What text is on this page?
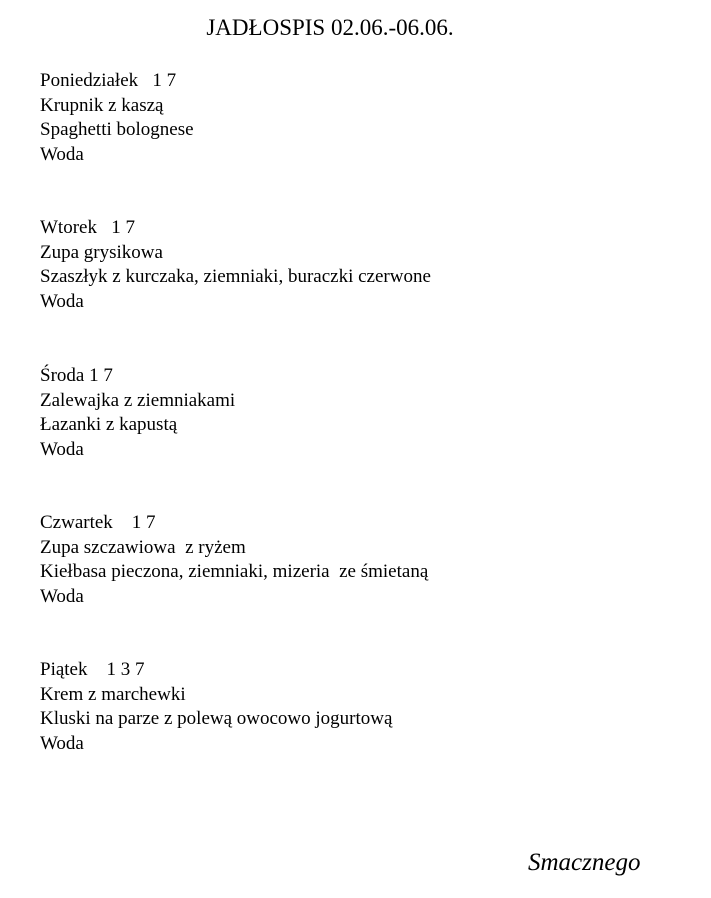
JADŁOSPIS 02.06.-06.06.
Poniedziałek   1 7
Krupnik z kaszą
Spaghetti bolognese
Woda
Wtorek   1 7
Zupa grysikowa
Szaszłyk z kurczaka, ziemniaki, buraczki czerwone
Woda
Środa 1 7
Zalewajka z ziemniakami
Łazanki z kapustą
Woda
Czwartek    1 7
Zupa szczawiowa  z ryżem
Kiełbasa pieczona, ziemniaki, mizeria  ze śmietaną
Woda
Piątek    1 3 7
Krem z marchewki
Kluski na parze z polewą owocowo jogurtową
Woda
Smacznego
